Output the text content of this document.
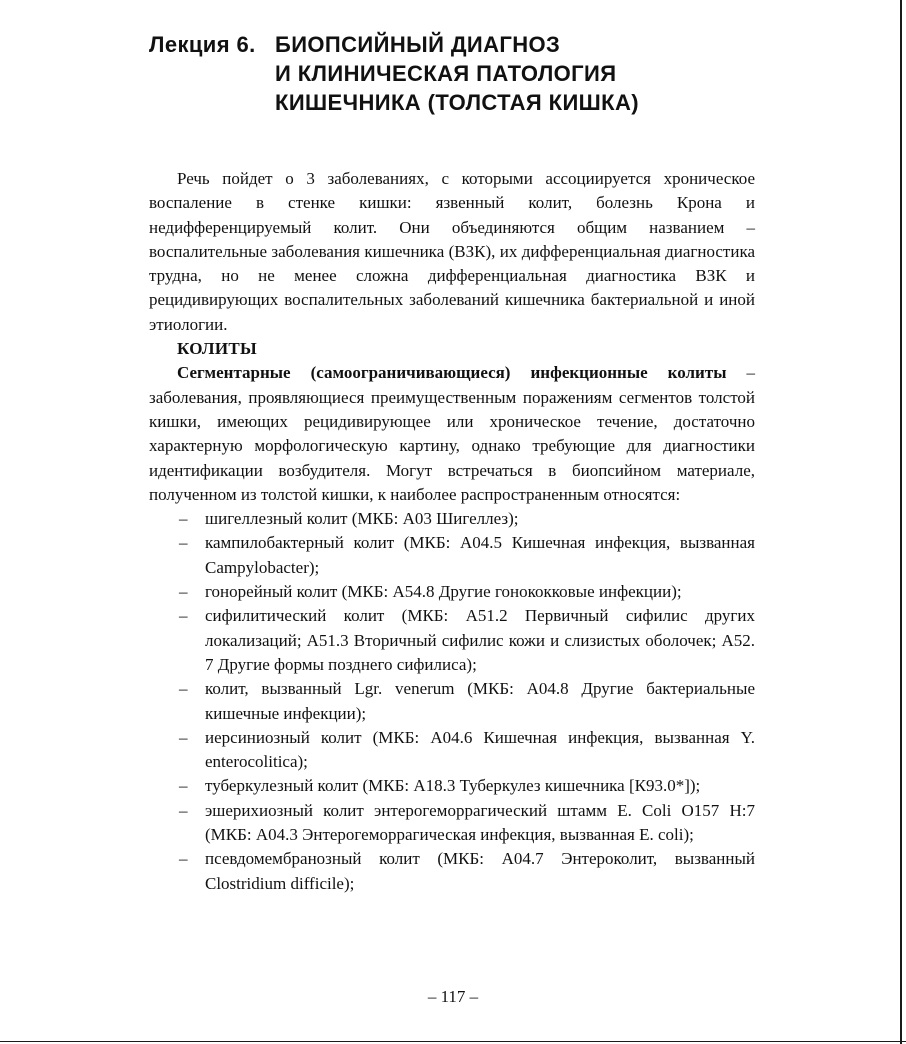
Лекция 6. БИОПСИЙНЫЙ ДИАГНОЗ
И КЛИНИЧЕСКАЯ ПАТОЛОГИЯ
КИШЕЧНИКА (ТОЛСТАЯ КИШКА)

Речь пойдет о 3 заболеваниях, с которыми ассоциируется хроническое воспаление в стенке кишки: язвенный колит, болезнь Крона и недифференцируемый колит. Они объединяются общим названием – воспалительные заболевания кишечника (ВЗК), их дифференциальная диагностика трудна, но не менее сложна дифференциальная диагностика ВЗК и рецидивирующих воспалительных заболеваний кишечника бактериальной и иной этиологии.

КОЛИТЫ

Сегментарные (самоограничивающиеся) инфекционные колиты – заболевания, проявляющиеся преимущественным поражениям сегментов толстой кишки, имеющих рецидивирующее или хроническое течение, достаточно характерную морфологическую картину, однако требующие для диагностики идентификации возбудителя. Могут встречаться в биопсийном материале, полученном из толстой кишки, к наиболее распространенным относятся:

– шигеллезный колит (МКБ: А03 Шигеллез);
– кампилобактерный колит (МКБ: А04.5 Кишечная инфекция, вызванная Campylobacter);
– гонорейный колит (МКБ: А54.8 Другие гонококковые инфекции);
– сифилитический колит (МКБ: А51.2 Первичный сифилис других локализаций; А51.3 Вторичный сифилис кожи и слизистых оболочек; А52. 7 Другие формы позднего сифилиса);
– колит, вызванный Lgr. venerum (МКБ: А04.8 Другие бактериальные кишечные инфекции);
– иерсиниозный колит (МКБ: А04.6 Кишечная инфекция, вызванная Y. enterocolitica);
– туберкулезный колит (МКБ: А18.3 Туберкулез кишечника [К93.0*]);
– эшерихиозный колит энтерогеморрагический штамм E. Coli O157 H:7 (МКБ: А04.3 Энтерогеморрагическая инфекция, вызванная E. coli);
– псевдомембранозный колит (МКБ: А04.7 Энтероколит, вызванный Clostridium difficile);
– 117 –
